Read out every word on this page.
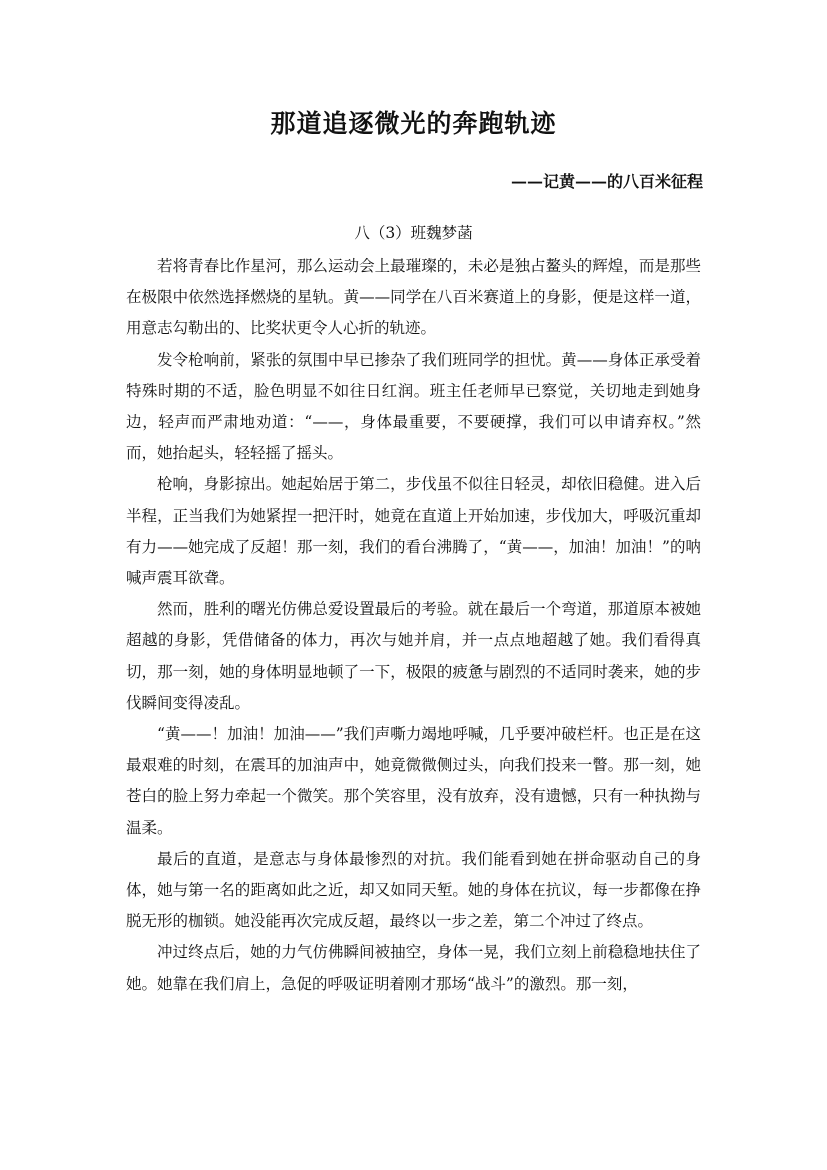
那道追逐微光的奔跑轨迹
——记黄——的八百米征程
八（3）班魏梦菡

若将青春比作星河，那么运动会上最璀璨的，未必是独占鳌头的辉煌，而是那些在极限中依然选择燃烧的星轨。黄——同学在八百米赛道上的身影，便是这样一道，用意志勾勒出的、比奖状更令人心折的轨迹。

发令枪响前，紧张的氛围中早已掺杂了我们班同学的担忧。黄——身体正承受着特殊时期的不适，脸色明显不如往日红润。班主任老师早已察觉，关切地走到她身边，轻声而严肃地劝道：“——，身体最重要，不要硬撑，我们可以申请弃权。”然而，她抬起头，轻轻摇了摇头。

枪响，身影掠出。她起始居于第二，步伐虽不似往日轻灵，却依旧稳健。进入后半程，正当我们为她紧捏一把汗时，她竟在直道上开始加速，步伐加大，呼吸沉重却有力——她完成了反超！那一刻，我们的看台沸腾了，“黄——，加油！加油！”的呐喊声震耳欲聋。

然而，胜利的曙光仿佛总爱设置最后的考验。就在最后一个弯道，那道原本被她超越的身影，凭借储备的体力，再次与她并肩，并一点点地超越了她。我们看得真切，那一刻，她的身体明显地顿了一下，极限的疲惫与剧烈的不适同时袭来，她的步伐瞬间变得凌乱。

“黄——！加油！加油——”我们声嘶力竭地呼喊，几乎要冲破栏杆。也正是在这最艰难的时刻，在震耳的加油声中，她竟微微侧过头，向我们投来一瞥。那一刻，她苍白的脸上努力牵起一个微笑。那个笑容里，没有放弃，没有遗憾，只有一种执拗与温柔。

最后的直道，是意志与身体最惨烈的对抗。我们能看到她在拼命驱动自己的身体，她与第一名的距离如此之近，却又如同天堑。她的身体在抗议，每一步都像在挣脱无形的枷锁。她没能再次完成反超，最终以一步之差，第二个冲过了终点。

冲过终点后，她的力气仿佛瞬间被抽空，身体一晃，我们立刻上前稳稳地扶住了她。她靠在我们肩上，急促的呼吸证明着刚才那场“战斗”的激烈。那一刻，
